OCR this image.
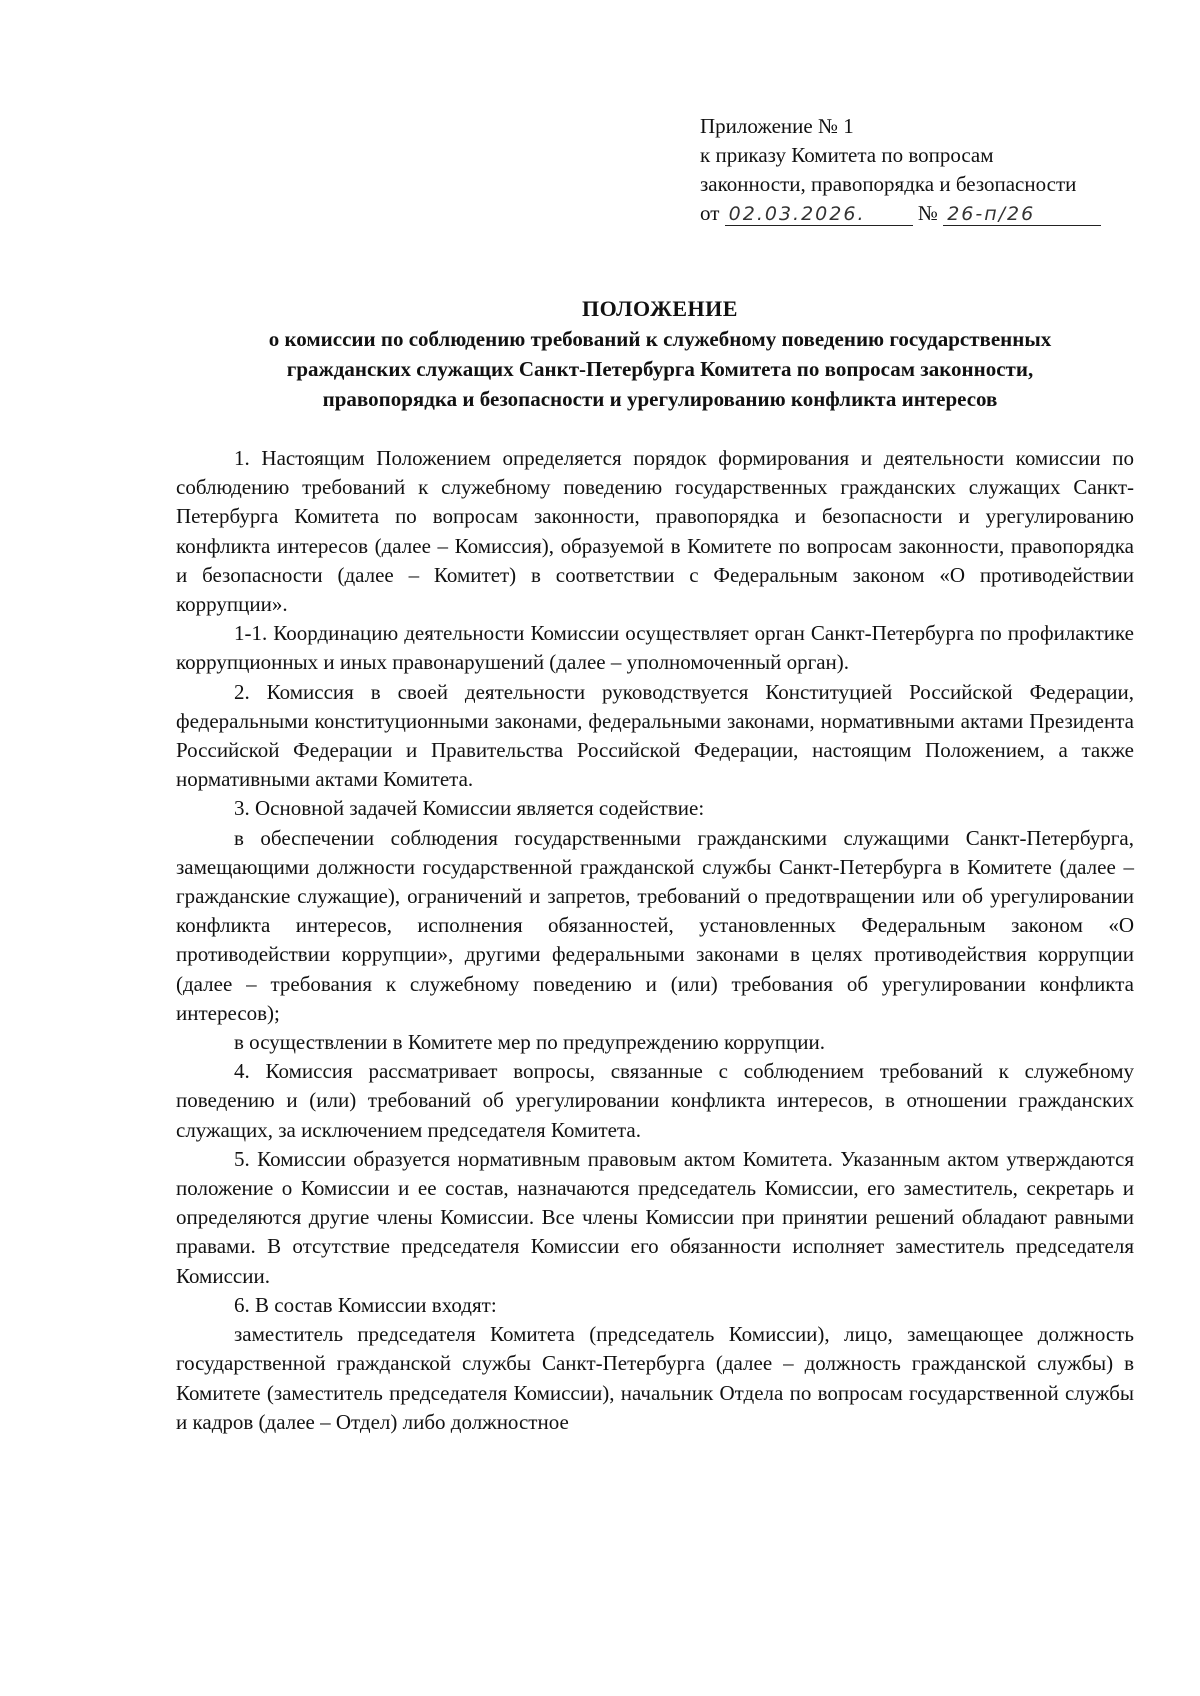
Приложение № 1
к приказу Комитета по вопросам
законности, правопорядка и безопасности
от 02.03.2026. № 26-п/26
ПОЛОЖЕНИЕ
о комиссии по соблюдению требований к служебному поведению государственных
гражданских служащих Санкт-Петербурга Комитета по вопросам законности,
правопорядка и безопасности и урегулированию конфликта интересов

1. Настоящим Положением определяется порядок формирования и деятельности комиссии по соблюдению требований к служебному поведению государственных гражданских служащих Санкт-Петербурга Комитета по вопросам законности, правопорядка и безопасности и урегулированию конфликта интересов (далее – Комиссия), образуемой в Комитете по вопросам законности, правопорядка и безопасности (далее – Комитет) в соответствии с Федеральным законом «О противодействии коррупции».

1-1. Координацию деятельности Комиссии осуществляет орган Санкт-Петербурга по профилактике коррупционных и иных правонарушений (далее – уполномоченный орган).

2. Комиссия в своей деятельности руководствуется Конституцией Российской Федерации, федеральными конституционными законами, федеральными законами, нормативными актами Президента Российской Федерации и Правительства Российской Федерации, настоящим Положением, а также нормативными актами Комитета.

3. Основной задачей Комиссии является содействие:

в обеспечении соблюдения государственными гражданскими служащими Санкт-Петербурга, замещающими должности государственной гражданской службы Санкт-Петербурга в Комитете (далее – гражданские служащие), ограничений и запретов, требований о предотвращении или об урегулировании конфликта интересов, исполнения обязанностей, установленных Федеральным законом «О противодействии коррупции», другими федеральными законами в целях противодействия коррупции (далее – требования к служебному поведению и (или) требования об урегулировании конфликта интересов);

в осуществлении в Комитете мер по предупреждению коррупции.

4. Комиссия рассматривает вопросы, связанные с соблюдением требований к служебному поведению и (или) требований об урегулировании конфликта интересов, в отношении гражданских служащих, за исключением председателя Комитета.

5. Комиссии образуется нормативным правовым актом Комитета. Указанным актом утверждаются положение о Комиссии и ее состав, назначаются председатель Комиссии, его заместитель, секретарь и определяются другие члены Комиссии. Все члены Комиссии при принятии решений обладают равными правами. В отсутствие председателя Комиссии его обязанности исполняет заместитель председателя Комиссии.

6. В состав Комиссии входят:

заместитель председателя Комитета (председатель Комиссии), лицо, замещающее должность государственной гражданской службы Санкт-Петербурга (далее – должность гражданской службы) в Комитете (заместитель председателя Комиссии), начальник Отдела по вопросам государственной службы и кадров (далее – Отдел) либо должностное
